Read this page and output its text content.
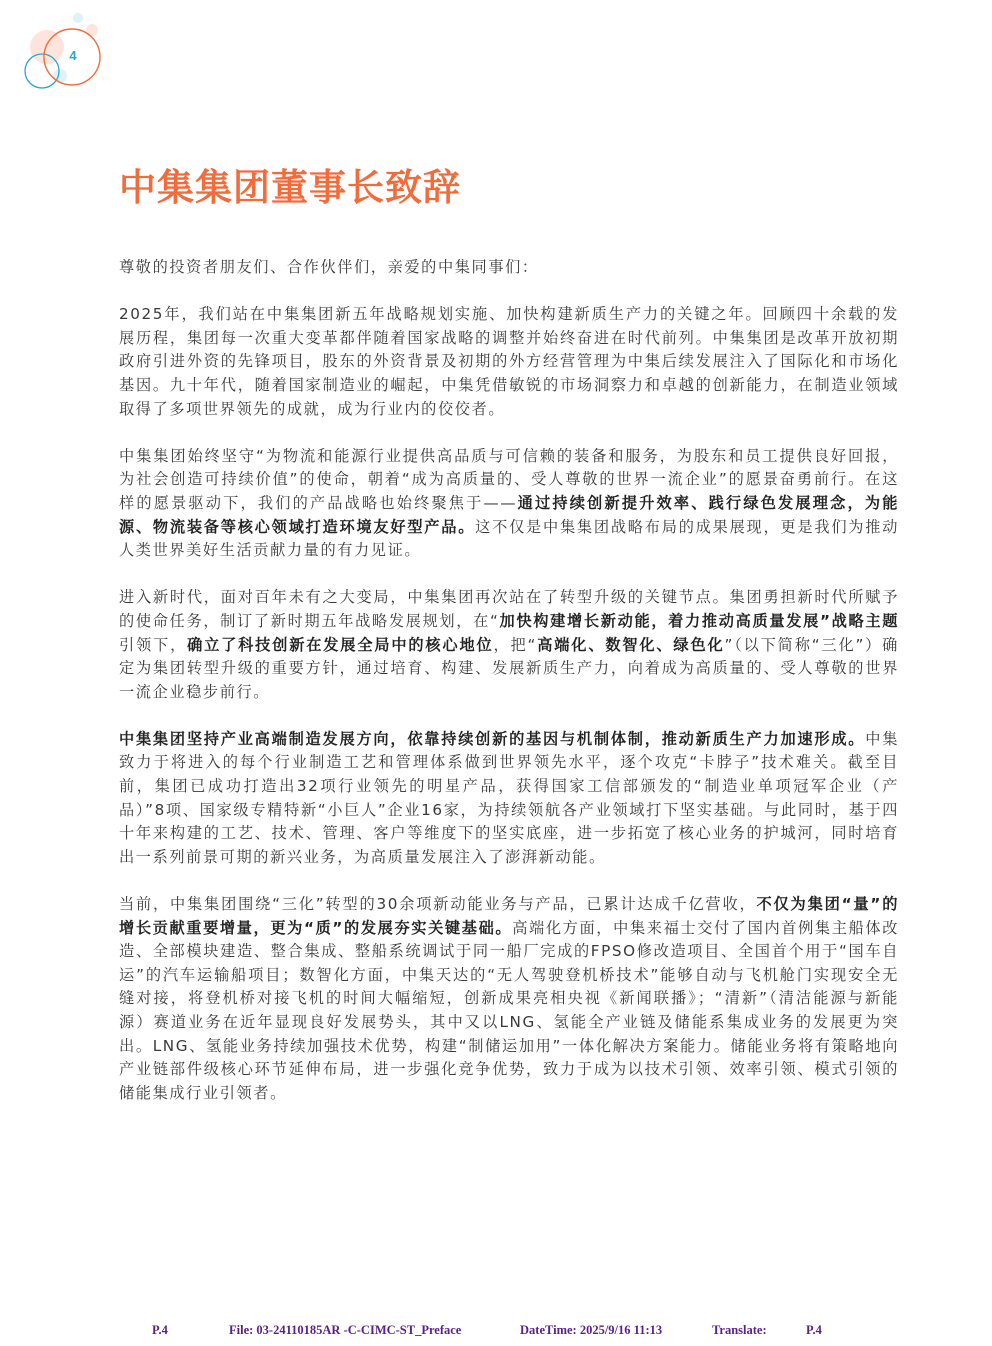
4
中集集团董事长致辞

尊敬的投资者朋友们、合作伙伴们，亲爱的中集同事们：

2025年，我们站在中集集团新五年战略规划实施、加快构建新质生产力的关键之年。回顾四十余载的发展历程，集团每一次重大变革都伴随着国家战略的调整并始终奋进在时代前列。中集集团是改革开放初期政府引进外资的先锋项目，股东的外资背景及初期的外方经营管理为中集后续发展注入了国际化和市场化基因。九十年代，随着国家制造业的崛起，中集凭借敏锐的市场洞察力和卓越的创新能力，在制造业领域取得了多项世界领先的成就，成为行业内的佼佼者。

中集集团始终坚守“为物流和能源行业提供高品质与可信赖的装备和服务，为股东和员工提供良好回报，为社会创造可持续价值”的使命，朝着“成为高质量的、受人尊敬的世界一流企业”的愿景奋勇前行。在这样的愿景驱动下，我们的产品战略也始终聚焦于——通过持续创新提升效率、践行绿色发展理念，为能源、物流装备等核心领域打造环境友好型产品。这不仅是中集集团战略布局的成果展现，更是我们为推动人类世界美好生活贡献力量的有力见证。

进入新时代，面对百年未有之大变局，中集集团再次站在了转型升级的关键节点。集团勇担新时代所赋予的使命任务，制订了新时期五年战略发展规划，在“加快构建增长新动能，着力推动高质量发展”战略主题引领下，确立了科技创新在发展全局中的核心地位，把“高端化、数智化、绿色化”（以下简称“三化”）确定为集团转型升级的重要方针，通过培育、构建、发展新质生产力，向着成为高质量的、受人尊敬的世界一流企业稳步前行。

中集集团坚持产业高端制造发展方向，依靠持续创新的基因与机制体制，推动新质生产力加速形成。中集致力于将进入的每个行业制造工艺和管理体系做到世界领先水平，逐个攻克“卡脖子”技术难关。截至目前，集团已成功打造出32项行业领先的明星产品，获得国家工信部颁发的“制造业单项冠军企业（产品）”8项、国家级专精特新“小巨人”企业16家，为持续领航各产业领域打下坚实基础。与此同时，基于四十年来构建的工艺、技术、管理、客户等维度下的坚实底座，进一步拓宽了核心业务的护城河，同时培育出一系列前景可期的新兴业务，为高质量发展注入了澎湃新动能。

当前，中集集团围绕“三化”转型的30余项新动能业务与产品，已累计达成千亿营收，不仅为集团“量”的增长贡献重要增量，更为“质”的发展夯实关键基础。高端化方面，中集来福士交付了国内首例集主船体改造、全部模块建造、整合集成、整船系统调试于同一船厂完成的FPSO修改造项目、全国首个用于“国车自运”的汽车运输船项目；数智化方面，中集天达的“无人驾驶登机桥技术”能够自动与飞机舱门实现安全无缝对接，将登机桥对接飞机的时间大幅缩短，创新成果亮相央视《新闻联播》；“清新”（清洁能源与新能源）赛道业务在近年显现良好发展势头，其中又以LNG、氢能全产业链及储能系集成业务的发展更为突出。LNG、氢能业务持续加强技术优势，构建“制储运加用”一体化解决方案能力。储能业务将有策略地向产业链部件级核心环节延伸布局，进一步强化竞争优势，致力于成为以技术引领、效率引领、模式引领的储能集成行业引领者。

P.4	File: 03-24110185AR -C-CIMC-ST_Preface	DateTime: 2025/9/16 11:13	Translate:	P.4
